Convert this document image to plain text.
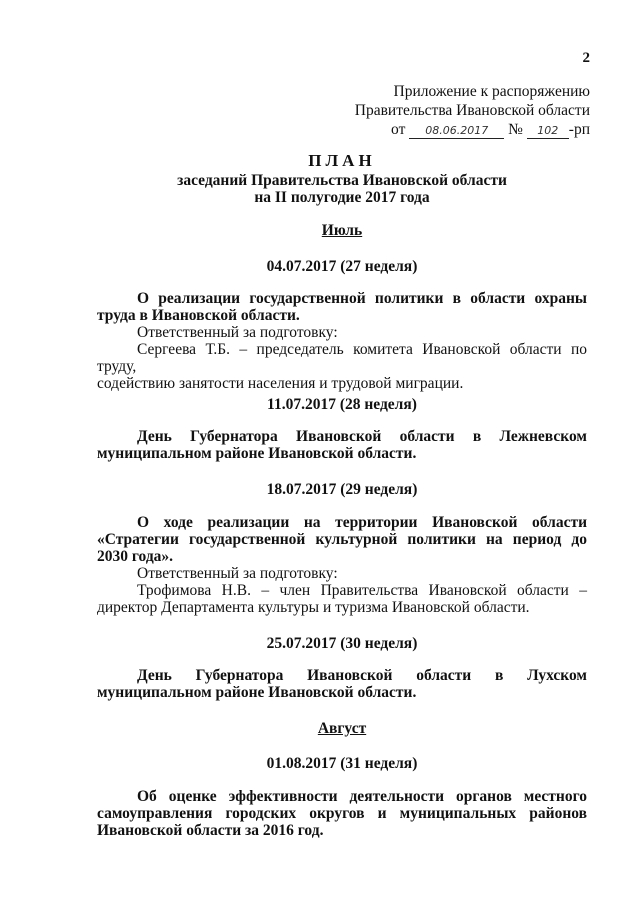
2
Приложение к распоряжению
Правительства Ивановской области
от 08.06.2017 № 102 -рп
ПЛАН
заседаний Правительства Ивановской области
на II полугодие 2017 года
Июль
04.07.2017 (27 неделя)
О реализации государственной политики в области охраны
труда в Ивановской области.
Ответственный за подготовку:
Сергеева Т.Б. – председатель комитета Ивановской области по труду,
содействию занятости населения и трудовой миграции.
11.07.2017 (28 неделя)
День Губернатора Ивановской области в Лежневском
муниципальном районе Ивановской области.
18.07.2017 (29 неделя)
О ходе реализации на территории Ивановской области
«Стратегии государственной культурной политики на период до
2030 года».
Ответственный за подготовку:
Трофимова Н.В. – член Правительства Ивановской области –
директор Департамента культуры и туризма Ивановской области.
25.07.2017 (30 неделя)
День Губернатора Ивановской области в Лухском
муниципальном районе Ивановской области.
Август
01.08.2017 (31 неделя)
Об оценке эффективности деятельности органов местного
самоуправления городских округов и муниципальных районов
Ивановской области за 2016 год.
